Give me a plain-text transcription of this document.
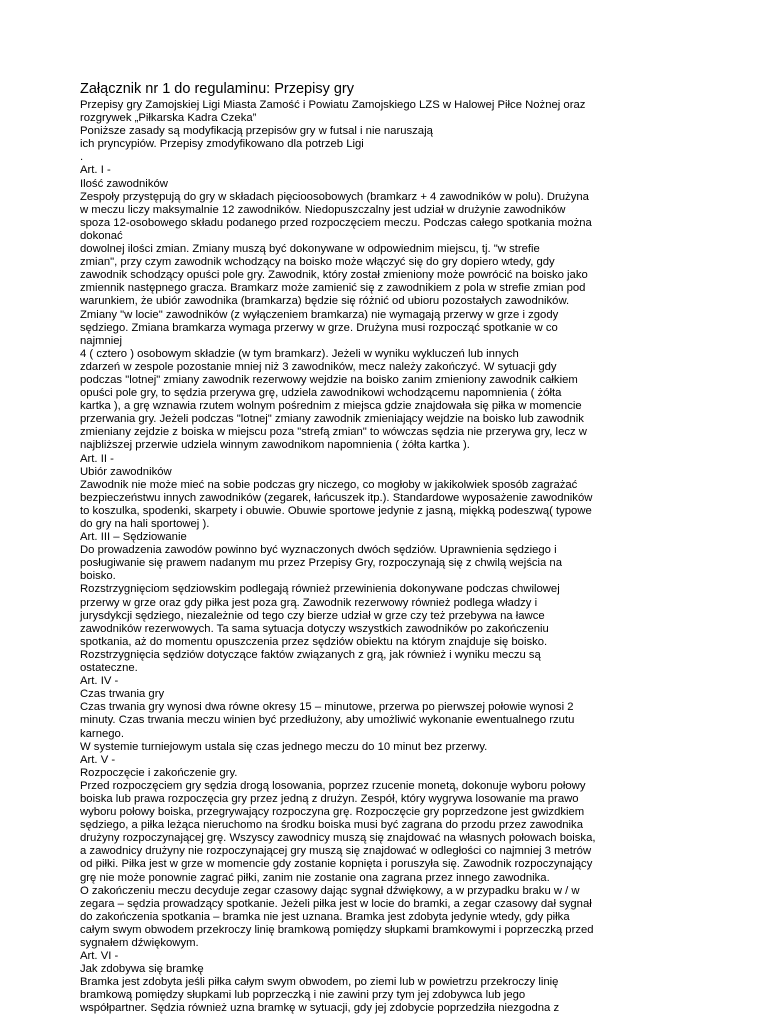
Załącznik nr 1 do regulaminu: Przepisy gry

Przepisy gry Zamojskiej Ligi Miasta Zamość i Powiatu Zamojskiego LZS w Halowej Piłce Nożnej oraz

rozgrywek „Piłkarska Kadra Czeka”

Poniższe zasady są modyfikacją przepisów gry w futsal i nie naruszają

ich pryncypiów. Przepisy zmodyfikowano dla potrzeb Ligi

.

Art. I -

Ilość zawodników

Zespoły przystępują do gry w składach pięcioosobowych (bramkarz + 4 zawodników w polu). Drużyna

w meczu liczy maksymalnie 12 zawodników. Niedopuszczalny jest udział w drużynie zawodników

spoza 12-osobowego składu podanego przed rozpoczęciem meczu. Podczas całego spotkania można

dokonać

dowolnej ilości zmian. Zmiany muszą być dokonywane w odpowiednim miejscu, tj. "w strefie

zmian", przy czym zawodnik wchodzący na boisko może włączyć się do gry dopiero wtedy, gdy

zawodnik schodzący opuści pole gry. Zawodnik, który został zmieniony może powrócić na boisko jako

zmiennik następnego gracza. Bramkarz może zamienić się z zawodnikiem z pola w strefie zmian pod

warunkiem, że ubiór zawodnika (bramkarza) będzie się różnić od ubioru pozostałych zawodników.

Zmiany "w locie" zawodników (z wyłączeniem bramkarza) nie wymagają przerwy w grze i zgody

sędziego. Zmiana bramkarza wymaga przerwy w grze. Drużyna musi rozpocząć spotkanie w co

najmniej

4 ( cztero ) osobowym składzie (w tym bramkarz). Jeżeli w wyniku wykluczeń lub innych

zdarzeń w zespole pozostanie mniej niż 3 zawodników, mecz należy zakończyć. W sytuacji gdy

podczas "lotnej" zmiany zawodnik rezerwowy wejdzie na boisko zanim zmieniony zawodnik całkiem

opuści pole gry, to sędzia przerywa grę, udziela zawodnikowi wchodzącemu napomnienia ( żółta

kartka ), a grę wznawia rzutem wolnym pośrednim z miejsca gdzie znajdowała się piłka w momencie

przerwania gry. Jeżeli podczas "lotnej" zmiany zawodnik zmieniający wejdzie na boisko lub zawodnik

zmieniany zejdzie z boiska w miejscu poza "strefą zmian" to wówczas sędzia nie przerywa gry, lecz w

najbliższej przerwie udziela winnym zawodnikom napomnienia ( żółta kartka ).

Art. II -

Ubiór zawodników

Zawodnik nie może mieć na sobie podczas gry niczego, co mogłoby w jakikolwiek sposób zagrażać

bezpieczeństwu innych zawodników (zegarek, łańcuszek itp.). Standardowe wyposażenie zawodników

to koszulka, spodenki, skarpety i obuwie. Obuwie sportowe jedynie z jasną, miękką podeszwą( typowe

do gry na hali sportowej ).

Art. III – Sędziowanie

Do prowadzenia zawodów powinno być wyznaczonych dwóch sędziów. Uprawnienia sędziego i

posługiwanie się prawem nadanym mu przez Przepisy Gry, rozpoczynają się z chwilą wejścia na

boisko.

Rozstrzygnięciom sędziowskim podlegają również przewinienia dokonywane podczas chwilowej

przerwy w grze oraz gdy piłka jest poza grą. Zawodnik rezerwowy również podlega władzy i

jurysdykcji sędziego, niezależnie od tego czy bierze udział w grze czy też przebywa na ławce

zawodników rezerwowych. Ta sama sytuacja dotyczy wszystkich zawodników po zakończeniu

spotkania, aż do momentu opuszczenia przez sędziów obiektu na którym znajduje się boisko.

Rozstrzygnięcia sędziów dotyczące faktów związanych z grą, jak również i wyniku meczu są

ostateczne.

Art. IV -

Czas trwania gry

Czas trwania gry wynosi dwa równe okresy 15 – minutowe, przerwa po pierwszej połowie wynosi 2

minuty. Czas trwania meczu winien być przedłużony, aby umożliwić wykonanie ewentualnego rzutu

karnego.

W systemie turniejowym ustala się czas jednego meczu do 10 minut bez przerwy.

Art. V -

Rozpoczęcie i zakończenie gry.

Przed rozpoczęciem gry sędzia drogą losowania, poprzez rzucenie monetą, dokonuje wyboru połowy

boiska lub prawa rozpoczęcia gry przez jedną z drużyn. Zespół, który wygrywa losowanie ma prawo

wyboru połowy boiska, przegrywający rozpoczyna grę. Rozpoczęcie gry poprzedzone jest gwizdkiem

sędziego, a piłka leżąca nieruchomo na środku boiska musi być zagrana do przodu przez zawodnika

drużyny rozpoczynającej grę. Wszyscy zawodnicy muszą się znajdować na własnych połowach boiska,

a zawodnicy drużyny nie rozpoczynającej gry muszą się znajdować w odległości co najmniej 3 metrów

od piłki. Piłka jest w grze w momencie gdy zostanie kopnięta i poruszyła się. Zawodnik rozpoczynający

grę nie może ponownie zagrać piłki, zanim nie zostanie ona zagrana przez innego zawodnika.

O zakończeniu meczu decyduje zegar czasowy dając sygnał dźwiękowy, a w przypadku braku w / w

zegara – sędzia prowadzący spotkanie. Jeżeli piłka jest w locie do bramki, a zegar czasowy dał sygnał

do zakończenia spotkania – bramka nie jest uznana. Bramka jest zdobyta jedynie wtedy, gdy piłka

całym swym obwodem przekroczy linię bramkową pomiędzy słupkami bramkowymi i poprzeczką przed

sygnałem dźwiękowym.

Art. VI -

Jak zdobywa się bramkę

Bramka jest zdobyta jeśli piłka całym swym obwodem, po ziemi lub w powietrzu przekroczy linię

bramkową pomiędzy słupkami lub poprzeczką i nie zawini przy tym jej zdobywca lub jego

współpartner. Sędzia również uzna bramkę w sytuacji, gdy jej zdobycie poprzedziła niezgodna z
